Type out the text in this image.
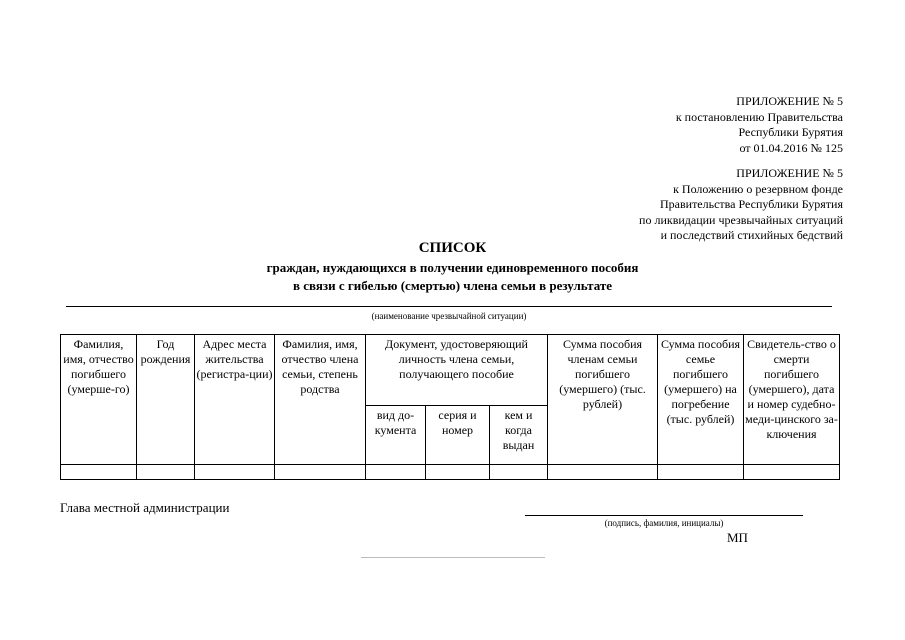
ПРИЛОЖЕНИЕ № 5
к постановлению Правительства
Республики Бурятия
от 01.04.2016 № 125
ПРИЛОЖЕНИЕ № 5
к Положению о резервном фонде
Правительства Республики Бурятия
по ликвидации чрезвычайных ситуаций
и последствий стихийных бедствий
СПИСОК
граждан, нуждающихся в получении единовременного пособия
в связи с гибелью (смертью) члена семьи в результате
(наименование чрезвычайной ситуации)
Фамилия, имя, отчество погибшего (умерше-го)	Год рождения	Адрес места жительства (регистра-ции)	Фамилия, имя, отчество члена семьи, степень родства	Документ, удостоверяющий личность члена семьи, получающего пособие			Сумма пособия членам семьи погибшего (умершего) (тыс. рублей)	Сумма пособия семье погибшего (умершего) на погребение (тыс. рублей)	Свидетель-ство о смерти погибшего (умершего), дата и номер судебно-меди-цинского за-ключения
				вид до-кумента	серия и номер	кем и когда выдан			

Глава местной администрации
(подпись, фамилия, инициалы)
МП
